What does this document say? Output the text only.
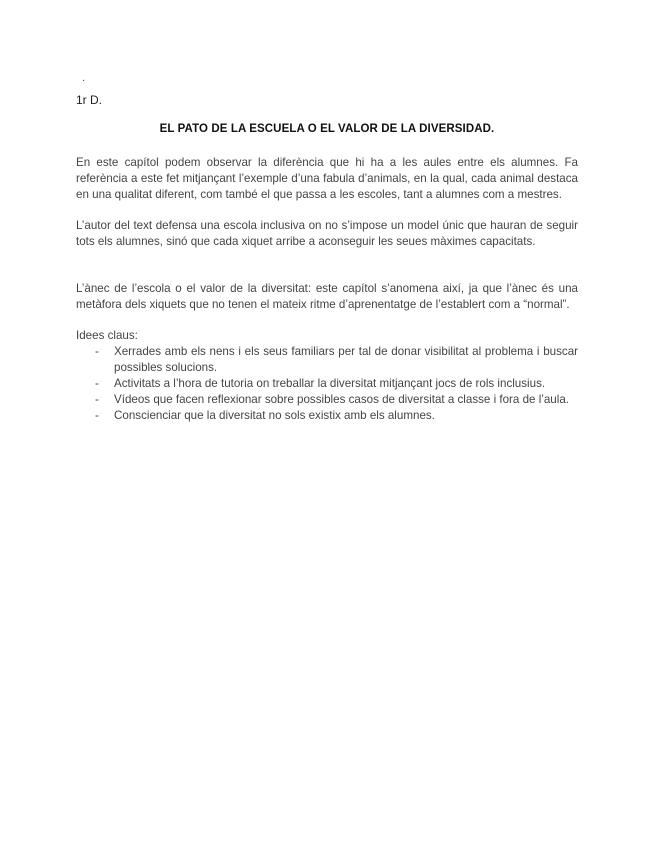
.
1r D.
EL PATO DE LA ESCUELA O EL VALOR DE LA DIVERSIDAD.

En este capítol podem observar la diferència que hi ha a les aules entre els alumnes. Fa referència a este fet mitjançant l’exemple d’una fabula d’animals, en la qual, cada animal destaca en una qualitat diferent, com també el que passa a les escoles, tant a alumnes com a mestres.

L’autor del text defensa una escola inclusiva on no s’impose un model únic que hauran de seguir tots els alumnes, sinó que cada xiquet arribe a aconseguir les seues màximes capacitats.

L’ànec de l’escola o el valor de la diversitat: este capítol s’anomena així, ja que l’ànec és una metàfora dels xiquets que no tenen el mateix ritme d’aprenentatge de l’establert com a “normal”.

Idees claus:
- Xerrades amb els nens i els seus familiars per tal de donar visibilitat al problema i buscar possibles solucions.
- Activitats a l’hora de tutoria on treballar la diversitat mitjançant jocs de rols inclusius.
- Vídeos que facen reflexionar sobre possibles casos de diversitat a classe i fora de l’aula.
- Conscienciar que la diversitat no sols existix amb els alumnes.
